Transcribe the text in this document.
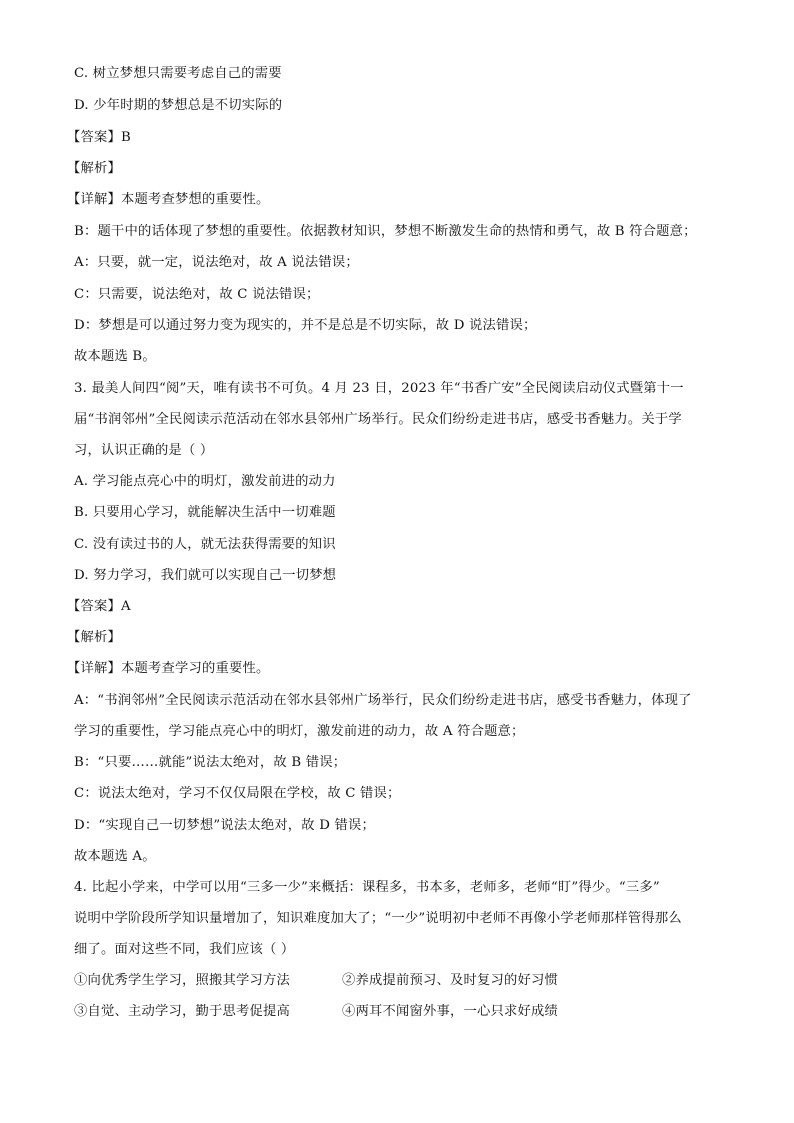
C. 树立梦想只需要考虑自己的需要
D. 少年时期的梦想总是不切实际的
【答案】B
【解析】
【详解】本题考查梦想的重要性。
B：题干中的话体现了梦想的重要性。依据教材知识，梦想不断激发生命的热情和勇气，故 B 符合题意；
A：只要，就一定，说法绝对，故 A 说法错误；
C：只需要，说法绝对，故 C 说法错误；
D：梦想是可以通过努力变为现实的，并不是总是不切实际，故 D 说法错误；
故本题选 B。
3. 最美人间四“阅”天，唯有读书不可负。4 月 23 日，2023 年“书香广安”全民阅读启动仪式暨第十一
届“书润邻州”全民阅读示范活动在邻水县邻州广场举行。民众们纷纷走进书店，感受书香魅力。关于学
习，认识正确的是（ ）
A. 学习能点亮心中的明灯，激发前进的动力
B. 只要用心学习，就能解决生活中一切难题
C. 没有读过书的人，就无法获得需要的知识
D. 努力学习，我们就可以实现自己一切梦想
【答案】A
【解析】
【详解】本题考查学习的重要性。
A：“书润邻州”全民阅读示范活动在邻水县邻州广场举行，民众们纷纷走进书店，感受书香魅力，体现了
学习的重要性，学习能点亮心中的明灯，激发前进的动力，故 A 符合题意；
B：“只要……就能”说法太绝对，故 B 错误；
C：说法太绝对，学习不仅仅局限在学校，故 C 错误；
D：“实现自己一切梦想”说法太绝对，故 D 错误；
故本题选 A。
4. 比起小学来，中学可以用“三多一少”来概括：课程多，书本多，老师多，老师“盯”得少。“三多”
说明中学阶段所学知识量增加了，知识难度加大了；“一少”说明初中老师不再像小学老师那样管得那么
细了。面对这些不同，我们应该（ ）
①向优秀学生学习，照搬其学习方法	②养成提前预习、及时复习的好习惯
③自觉、主动学习，勤于思考促提高	④两耳不闻窗外事，一心只求好成绩
